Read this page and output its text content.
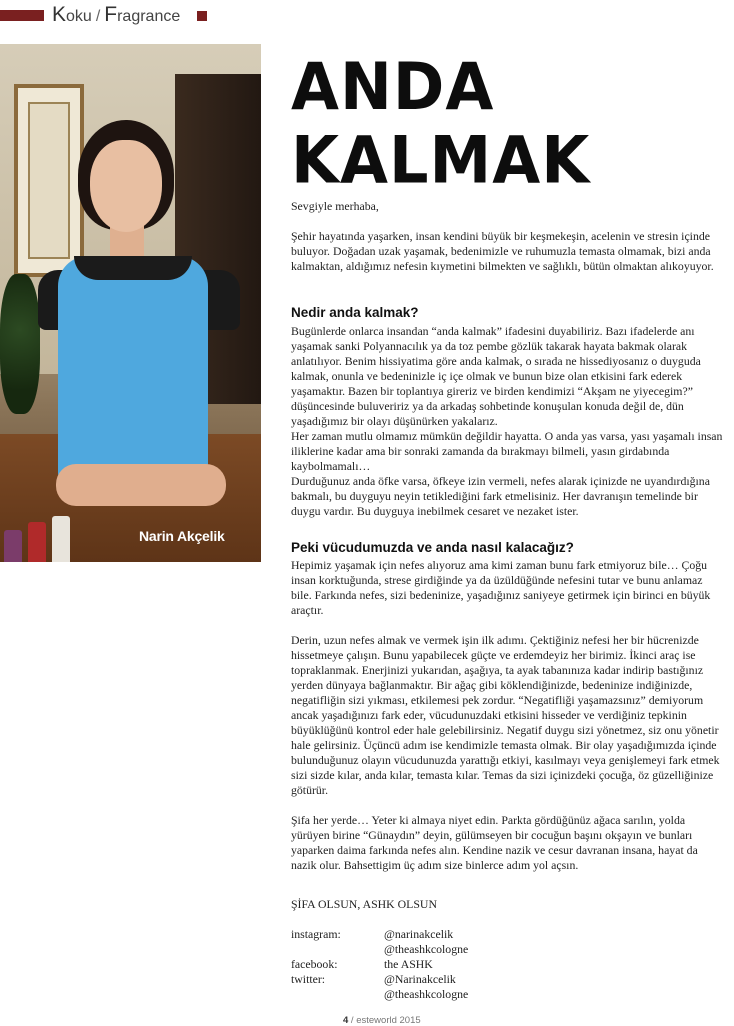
Koku / Fragrance
Narin Akçelik
ANDA
KALMAK

Sevgiyle merhaba,

Şehir hayatında yaşarken, insan kendini büyük bir keşmekeşin, acelenin ve stresin içinde buluyor. Doğadan uzak yaşamak, bedenimizle ve ruhumuzla temasta olmamak, bizi anda kalmaktan, aldığımız nefesin kıymetini bilmekten ve sağlıklı, bütün olmaktan alıkoyuyor.

Nedir anda kalmak?

Bugünlerde onlarca insandan “anda kalmak” ifadesini duyabiliriz. Bazı ifadelerde anı yaşamak sanki Polyannacılık ya da toz pembe gözlük takarak hayata bakmak olarak anlatılıyor. Benim hissiyatima göre anda kalmak, o sırada ne hissediyosanız o duyguda kalmak, onunla ve bedeninizle iç içe olmak ve bunun bize olan etkisini fark ederek yaşamaktır. Bazen bir toplantıya gireriz ve birden kendimizi “Akşam ne yiyecegim?” düşüncesinde buluveririz ya da arkadaş sohbetinde konuşulan konuda değil de, dün yaşadığımız bir olayı düşünürken yakalarız.

Her zaman mutlu olmamız mümkün değildir hayatta. O anda yas varsa, yası yaşamalı insan iliklerine kadar ama bir sonraki zamanda da bırakmayı bilmeli, yasın girdabında kaybolmamalı…

Durduğunuz anda öfke varsa, öfkeye izin vermeli, nefes alarak içinizde ne uyandırdığına bakmalı, bu duyguyu neyin tetiklediğini fark etmelisiniz. Her davranışın temelinde bir duygu vardır. Bu duyguya inebilmek cesaret ve nezaket ister.

Peki vücudumuzda ve anda nasıl kalacağız?

Hepimiz yaşamak için nefes alıyoruz ama kimi zaman bunu fark etmiyoruz bile… Çoğu insan korktuğunda, strese girdiğinde ya da üzüldüğünde nefesini tutar ve bunu anlamaz bile. Farkında nefes, sizi bedeninize, yaşadığınız saniyeye getirmek için birinci en büyük araçtır.

Derin, uzun nefes almak ve vermek işin ilk adımı. Çektiğiniz nefesi her bir hücrenizde hissetmeye çalışın. Bunu yapabilecek güçte ve erdemdeyiz her birimiz. İkinci araç ise topraklanmak. Enerjinizi yukarıdan, aşağıya, ta ayak tabanınıza kadar indirip bastığınız yerden dünyaya bağlanmaktır. Bir ağaç gibi köklendiğinizde, bedeninize indiğinizde, negatifliğin sizi yıkması, etkilemesi pek zordur. “Negatifliği yaşamazsınız” demiyorum ancak yaşadığınızı fark eder, vücudunuzdaki etkisini hisseder ve verdiğiniz tepkinin büyüklüğünü kontrol eder hale gelebilirsiniz. Negatif duygu sizi yönetmez, siz onu yönetir hale gelirsiniz. Üçüncü adım ise kendimizle temasta olmak. Bir olay yaşadığımızda içinde bulunduğunuz olayın vücudunuzda yarattığı etkiyi, kasılmayı veya genişlemeyi fark etmek sizi sizde kılar, anda kılar, temasta kılar. Temas da sizi içinizdeki çocuğa, öz güzelliğinize götürür.

Şifa her yerde… Yeter ki almaya niyet edin. Parkta gördüğünüz ağaca sarılın, yolda yürüyen birine “Günaydın” deyin, gülümseyen bir cocuğun başını okşayın ve bunları yaparken daima farkında nefes alın. Kendine nazik ve cesur davranan insana, hayat da nazik olur. Bahsettigim üç adım size binlerce adım yol açsın.

ŞİFA OLSUN, ASHK OLSUN

instagram:	@narinakcelik
@theashkcologne
facebook:	the ASHK
twitter:	@Narinakcelik
@theashkcologne
4 / esteworld 2015
